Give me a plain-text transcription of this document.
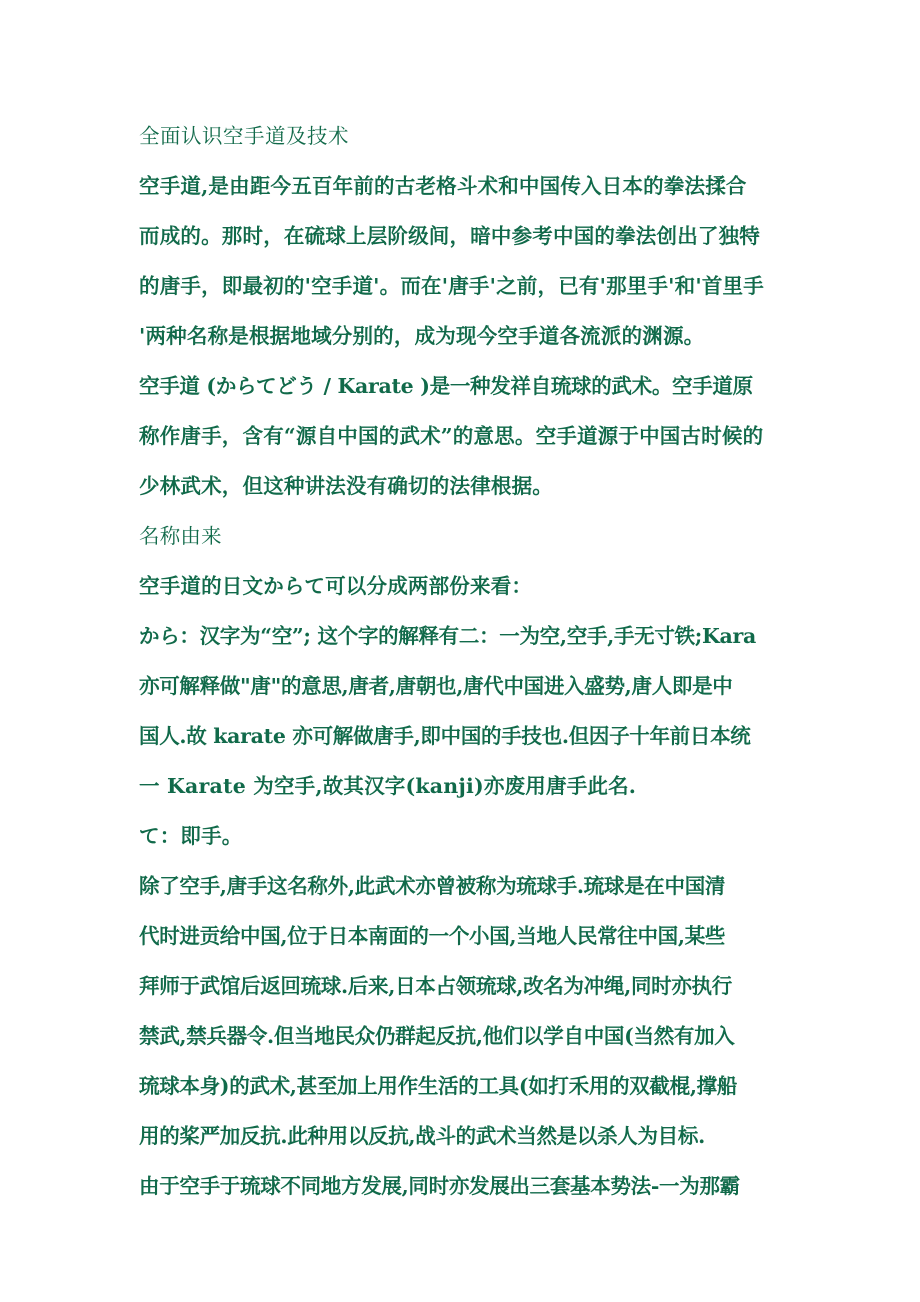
全面认识空手道及技术
空手道,是由距今五百年前的古老格斗术和中国传入日本的拳法揉合
而成的。那时，在硫球上层阶级间，暗中参考中国的拳法创出了独特
的唐手，即最初的'空手道'。而在'唐手'之前，已有'那里手'和'首里手
'两种名称是根据地域分别的，成为现今空手道各流派的渊源。
空手道 (からてどう / Karate )是一种发祥自琉球的武术。空手道原
称作唐手，含有“源自中国的武术”的意思。空手道源于中国古时候的
少林武术，但这种讲法没有确切的法律根据。
名称由来
空手道的日文からて可以分成两部份来看：
から：汉字为“空”; 这个字的解释有二：一为空,空手,手无寸铁;Kara
亦可解释做"唐"的意思,唐者,唐朝也,唐代中国进入盛势,唐人即是中
国人.故 karate 亦可解做唐手,即中国的手技也.但因子十年前日本统
一 Karate 为空手,故其汉字(kanji)亦废用唐手此名.
て：即手。
除了空手,唐手这名称外,此武术亦曾被称为琉球手.琉球是在中国清
代时进贡给中国,位于日本南面的一个小国,当地人民常往中国,某些
拜师于武馆后返回琉球.后来,日本占领琉球,改名为冲绳,同时亦执行
禁武,禁兵器令.但当地民众仍群起反抗,他们以学自中国(当然有加入
琉球本身)的武术,甚至加上用作生活的工具(如打禾用的双截棍,撑船
用的桨严加反抗.此种用以反抗,战斗的武术当然是以杀人为目标.
由于空手于琉球不同地方发展,同时亦发展出三套基本势法-一为那霸
